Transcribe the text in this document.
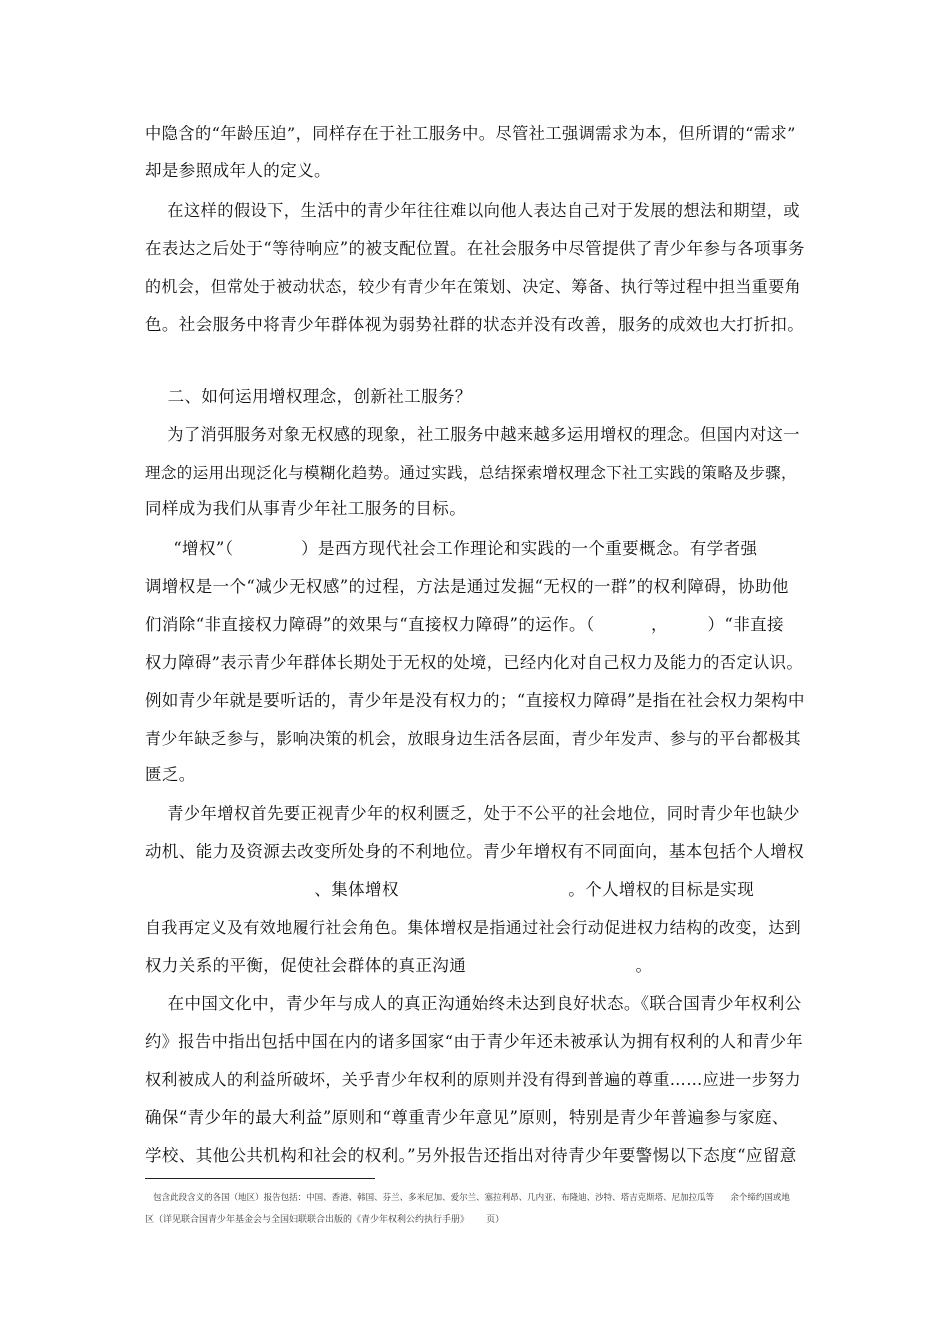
中隐含的“年龄压迫”，同样存在于社工服务中。尽管社工强调需求为本，但所谓的“需求”
却是参照成年人的定义。
在这样的假设下，生活中的青少年往往难以向他人表达自己对于发展的想法和期望，或
在表达之后处于“等待响应”的被支配位置。在社会服务中尽管提供了青少年参与各项事务
的机会，但常处于被动状态，较少有青少年在策划、决定、筹备、执行等过程中担当重要角
色。社会服务中将青少年群体视为弱势社群的状态并没有改善，服务的成效也大打折扣。
二、如何运用增权理念，创新社工服务？
为了消弭服务对象无权感的现象，社工服务中越来越多运用增权的理念。但国内对这一
理念的运用出现泛化与模糊化趋势。通过实践，总结探索增权理念下社工实践的策略及步骤，
同样成为我们从事青少年社工服务的目标。
“增权”（            ）是西方现代社会工作理论和实践的一个重要概念。有学者强
调增权是一个“减少无权感”的过程，方法是通过发掘“无权的一群”的权利障碍，协助他
们消除“非直接权力障碍”的效果与“直接权力障碍”的运作。（          ，       ）“非直接
权力障碍”表示青少年群体长期处于无权的处境，已经内化对自己权力及能力的否定认识。
例如青少年就是要听话的，青少年是没有权力的；“直接权力障碍”是指在社会权力架构中
青少年缺乏参与，影响决策的机会，放眼身边生活各层面，青少年发声、参与的平台都极其
匮乏。
青少年增权首先要正视青少年的权利匮乏，处于不公平的社会地位，同时青少年也缺少
动机、能力及资源去改变所处身的不利地位。青少年增权有不同面向，基本包括个人增权
、集体增权                              。个人增权的目标是实现
自我再定义及有效地履行社会角色。集体增权是指通过社会行动促进权力结构的改变，达到
权力关系的平衡，促使社会群体的真正沟通                              。
在中国文化中，青少年与成人的真正沟通始终未达到良好状态。《联合国青少年权利公
约》报告中指出包括中国在内的诸多国家“由于青少年还未被承认为拥有权利的人和青少年
权利被成人的利益所破坏，关乎青少年权利的原则并没有得到普遍的尊重……应进一步努力
确保“青少年的最大利益”原则和“尊重青少年意见”原则，特别是青少年普遍参与家庭、
学校、其他公共机构和社会的权利。”另外报告还指出对待青少年要警惕以下态度“应留意
包含此段含义的各国（地区）报告包括：中国、香港、韩国、芬兰、多米尼加、爱尔兰、塞拉利昂、几内亚、布隆迪、沙特、塔吉克斯塔、尼加拉瓜等      余个缔约国或地
区（详见联合国青少年基金会与全国妇联联合出版的《青少年权利公约执行手册》      页）
